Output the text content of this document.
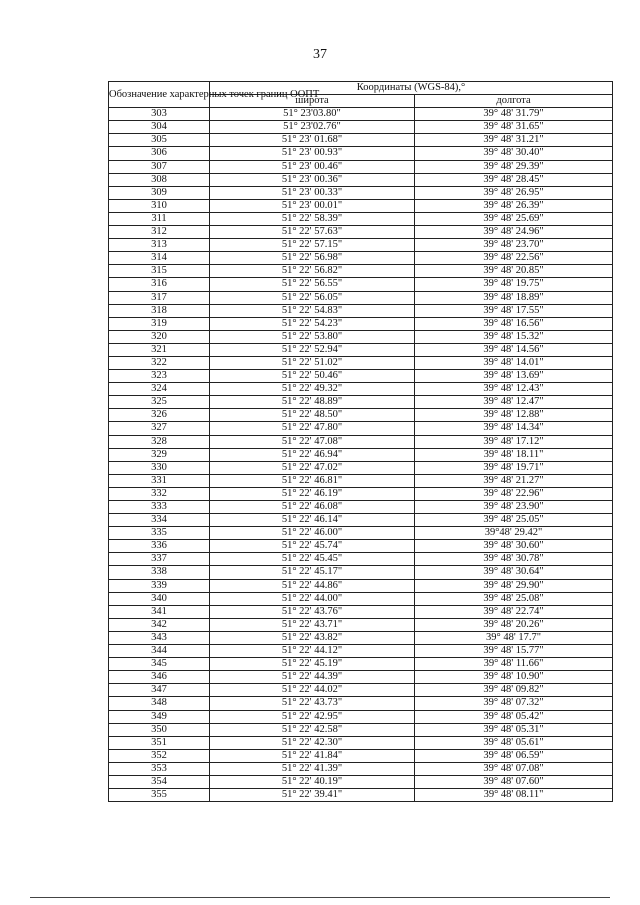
37
Обозначение характерных точек границ ООПТ	Координаты (WGS-84),°	
	широта	долгота
303	51° 23'03.80"	39° 48' 31.79"
304	51° 23'02.76"	39° 48' 31.65"
305	51° 23' 01.68"	39° 48' 31.21"
306	51° 23' 00.93"	39° 48' 30.40"
307	51° 23' 00.46"	39° 48' 29.39"
308	51° 23' 00.36"	39° 48' 28.45"
309	51° 23' 00.33"	39° 48' 26.95"
310	51° 23' 00.01"	39° 48' 26.39"
311	51° 22' 58.39"	39° 48' 25.69"
312	51° 22' 57.63"	39° 48' 24.96"
313	51° 22' 57.15"	39° 48' 23.70"
314	51° 22' 56.98"	39° 48' 22.56"
315	51° 22' 56.82"	39° 48' 20.85"
316	51° 22' 56.55"	39° 48' 19.75"
317	51° 22' 56.05"	39° 48' 18.89"
318	51° 22' 54.83"	39° 48' 17.55"
319	51° 22' 54.23"	39° 48' 16.56"
320	51° 22' 53.80"	39° 48' 15.32"
321	51° 22' 52.94"	39° 48' 14.56"
322	51° 22' 51.02"	39° 48' 14.01"
323	51° 22' 50.46"	39° 48' 13.69"
324	51° 22' 49.32"	39° 48' 12.43"
325	51° 22' 48.89"	39° 48' 12.47"
326	51° 22' 48.50"	39° 48' 12.88"
327	51° 22' 47.80"	39° 48' 14.34"
328	51° 22' 47.08"	39° 48' 17.12"
329	51° 22' 46.94"	39° 48' 18.11"
330	51° 22' 47.02"	39° 48' 19.71"
331	51° 22' 46.81"	39° 48' 21.27"
332	51° 22' 46.19"	39° 48' 22.96"
333	51° 22' 46.08"	39° 48' 23.90"
334	51° 22' 46.14"	39° 48' 25.05"
335	51° 22' 46.00"	39°48' 29.42"
336	51° 22' 45.74"	39° 48' 30.60"
337	51° 22' 45.45"	39° 48' 30.78"
338	51° 22' 45.17"	39° 48' 30.64"
339	51° 22' 44.86"	39° 48' 29.90"
340	51° 22' 44.00"	39° 48' 25.08"
341	51° 22' 43.76"	39° 48' 22.74"
342	51° 22' 43.71"	39° 48' 20.26"
343	51° 22' 43.82"	39° 48' 17.7"
344	51° 22' 44.12"	39° 48' 15.77"
345	51° 22' 45.19"	39° 48' 11.66"
346	51° 22' 44.39"	39° 48' 10.90"
347	51° 22' 44.02"	39° 48' 09.82"
348	51° 22' 43.73"	39° 48' 07.32"
349	51° 22' 42.95"	39° 48' 05.42"
350	51° 22' 42.58"	39° 48' 05.31"
351	51° 22' 42.30"	39° 48' 05.61"
352	51° 22' 41.84"	39° 48' 06.59"
353	51° 22' 41.39"	39° 48' 07.08"
354	51° 22' 40.19"	39° 48' 07.60"
355	51° 22' 39.41"	39° 48' 08.11"
